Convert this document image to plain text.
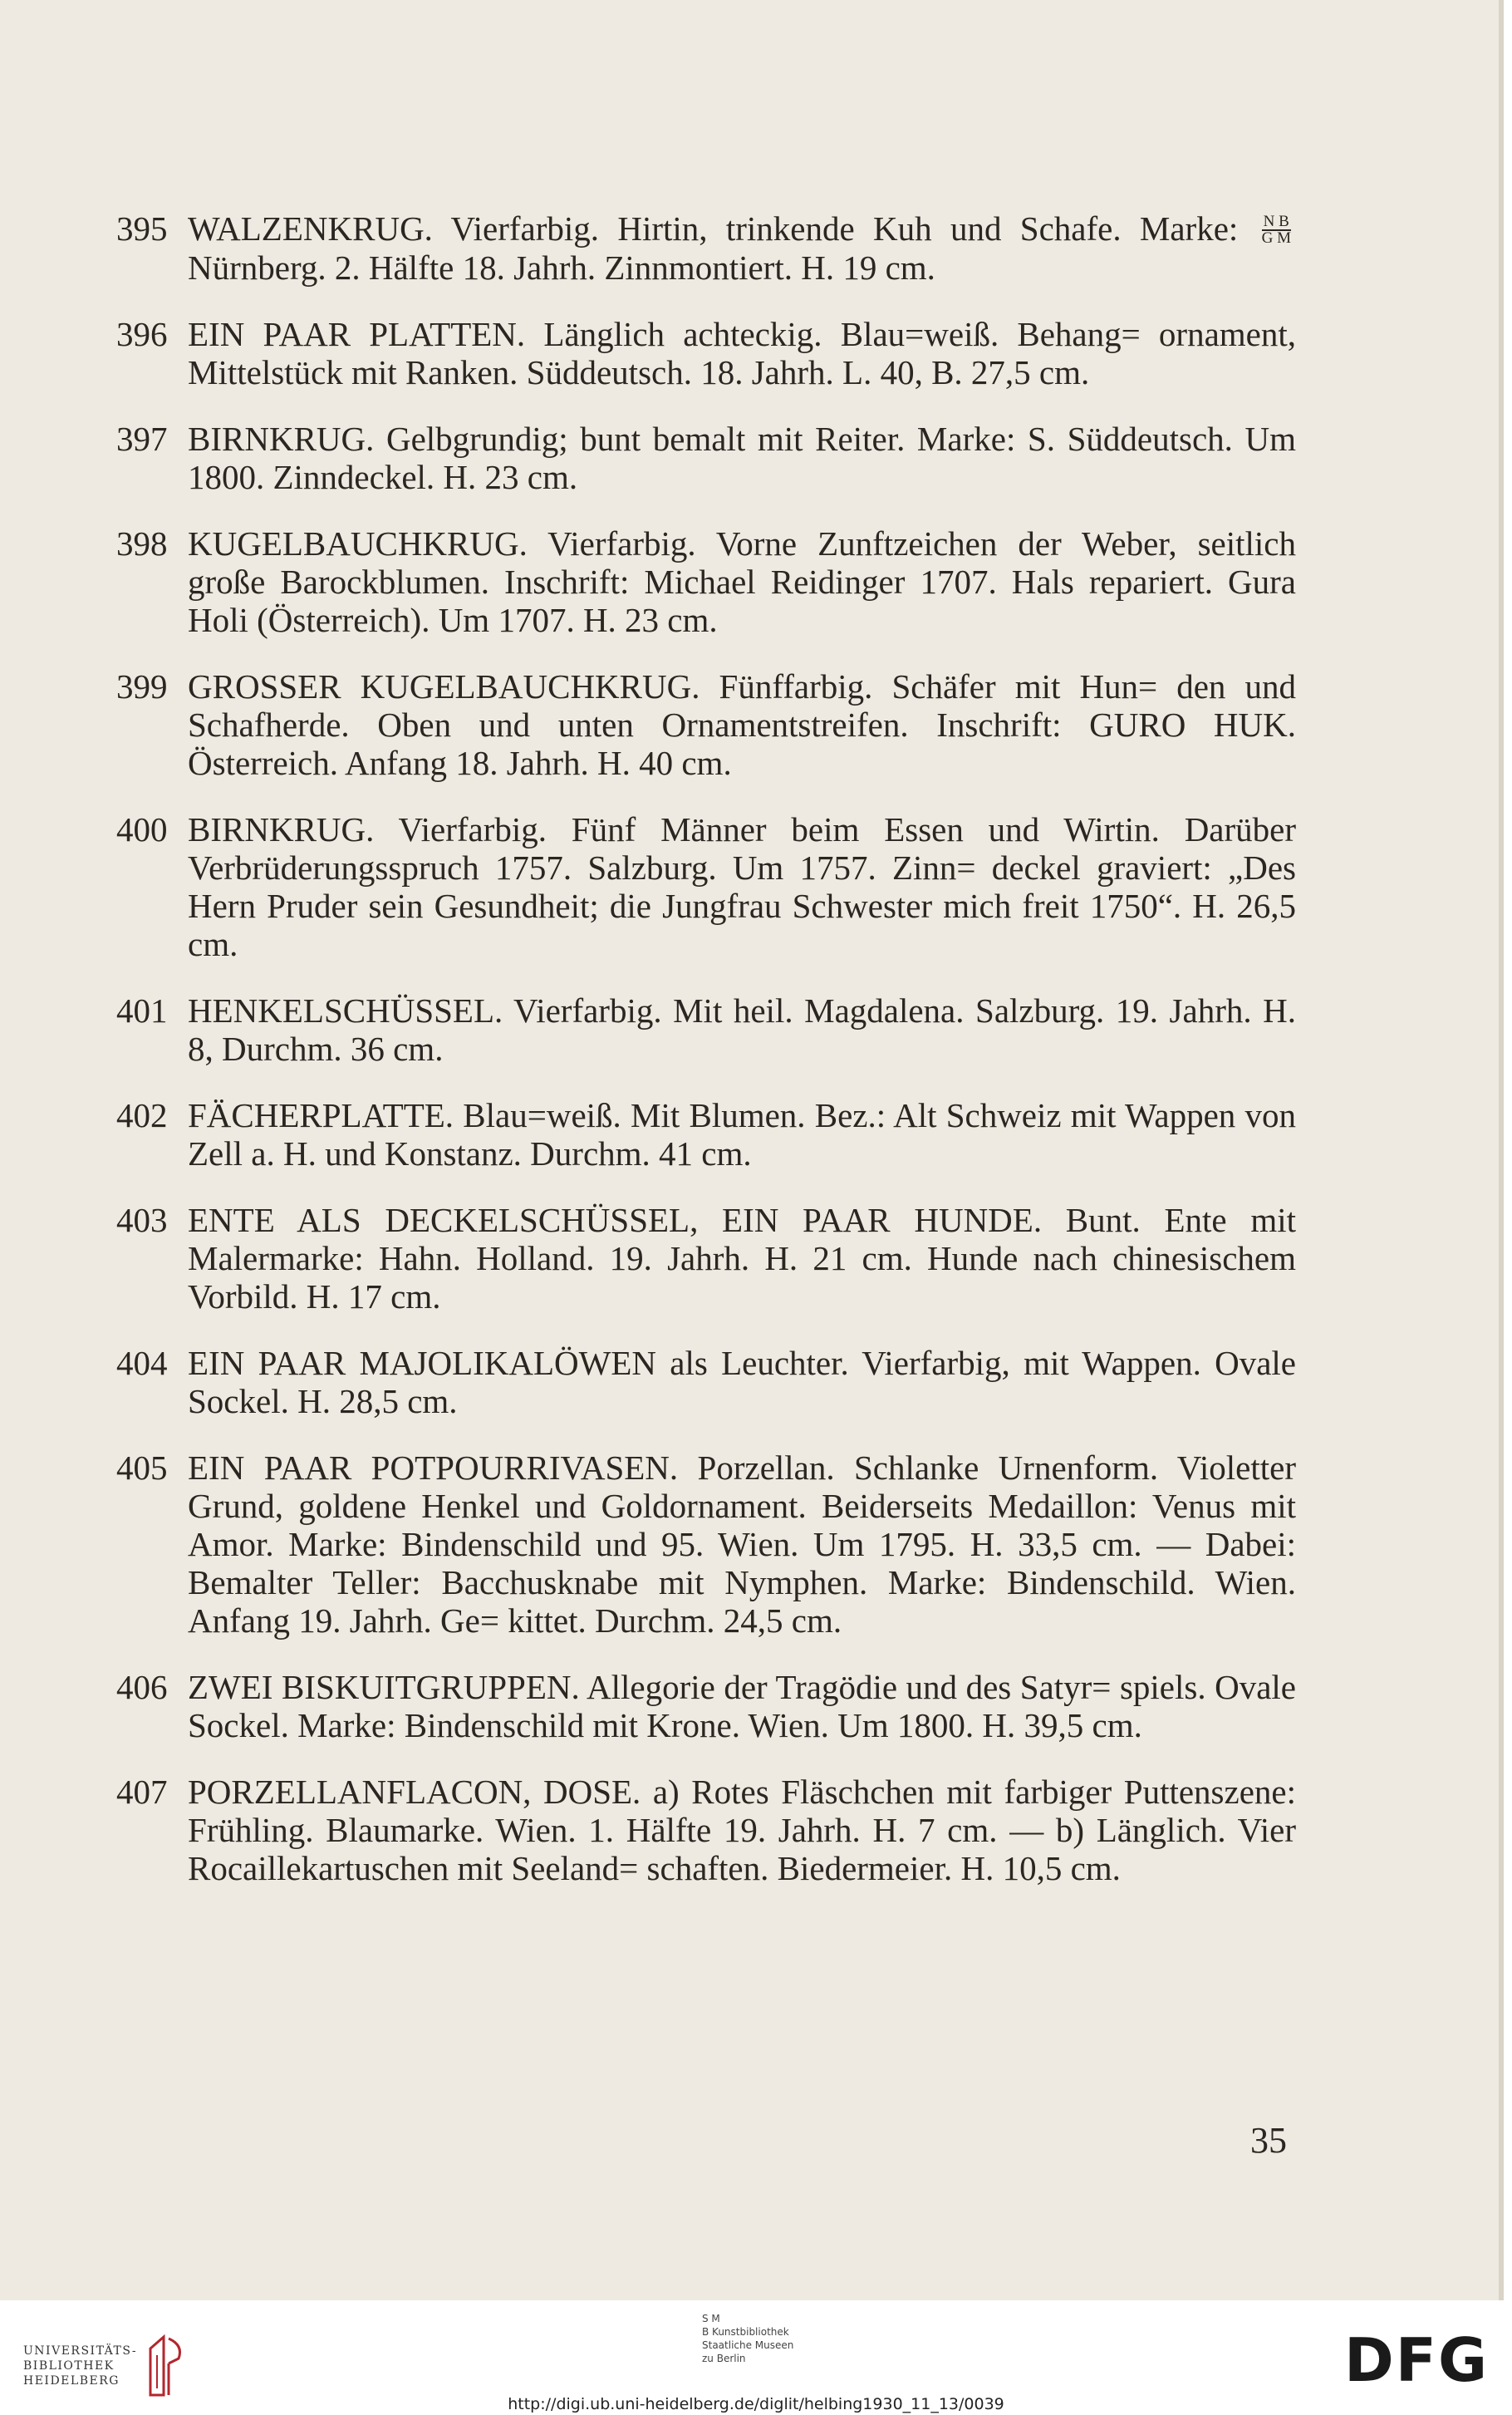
395 WALZENKRUG. Vierfarbig. Hirtin, trinkende Kuh und Schafe. Marke: $\frac{\text{N B}}{\text{G M}}$
Nürnberg. 2. Hälfte 18. Jahrh. Zinnmontiert. H. 19 cm.
396 EIN PAAR PLATTEN. Länglich achteckig. Blau=weiß. Behang= ornament, Mittelstück mit Ranken. Süddeutsch. 18. Jahrh. L. 40, B. 27,5 cm.
397 BIRNKRUG. Gelbgrundig; bunt bemalt mit Reiter. Marke: S. Süddeutsch. Um 1800. Zinndeckel. H. 23 cm.
398 KUGELBAUCHKRUG. Vierfarbig. Vorne Zunftzeichen der Weber, seitlich große Barockblumen. Inschrift: Michael Reidinger 1707. Hals repariert. Gura Holi (Österreich). Um 1707. H. 23 cm.
399 GROSSER KUGELBAUCHKRUG. Fünffarbig. Schäfer mit Hun= den und Schafherde. Oben und unten Ornamentstreifen. Inschrift: GURO HUK. Österreich. Anfang 18. Jahrh. H. 40 cm.
400 BIRNKRUG. Vierfarbig. Fünf Männer beim Essen und Wirtin. Darüber Verbrüderungsspruch 1757. Salzburg. Um 1757. Zinn= deckel graviert: „Des Hern Pruder sein Gesundheit; die Jungfrau Schwester mich freit 1750“. H. 26,5 cm.
401 HENKELSCHÜSSEL. Vierfarbig. Mit heil. Magdalena. Salzburg. 19. Jahrh. H. 8, Durchm. 36 cm.
402 FÄCHERPLATTE. Blau=weiß. Mit Blumen. Bez.: Alt Schweiz mit Wappen von Zell a. H. und Konstanz. Durchm. 41 cm.
403 ENTE ALS DECKELSCHÜSSEL, EIN PAAR HUNDE. Bunt. Ente mit Malermarke: Hahn. Holland. 19. Jahrh. H. 21 cm. Hunde nach chinesischem Vorbild. H. 17 cm.
404 EIN PAAR MAJOLIKALÖWEN als Leuchter. Vierfarbig, mit Wappen. Ovale Sockel. H. 28,5 cm.
405 EIN PAAR POTPOURRIVASEN. Porzellan. Schlanke Urnenform. Violetter Grund, goldene Henkel und Goldornament. Beiderseits Medaillon: Venus mit Amor. Marke: Bindenschild und 95. Wien. Um 1795. H. 33,5 cm. — Dabei: Bemalter Teller: Bacchusknabe mit Nymphen. Marke: Bindenschild. Wien. Anfang 19. Jahrh. Ge= kittet. Durchm. 24,5 cm.
406 ZWEI BISKUITGRUPPEN. Allegorie der Tragödie und des Satyr= spiels. Ovale Sockel. Marke: Bindenschild mit Krone. Wien. Um 1800. H. 39,5 cm.
407 PORZELLANFLACON, DOSE. a) Rotes Fläschchen mit farbiger Puttenszene: Frühling. Blaumarke. Wien. 1. Hälfte 19. Jahrh. H. 7 cm. — b) Länglich. Vier Rocaillekartuschen mit Seeland= schaften. Biedermeier. H. 10,5 cm.
35
UNIVERSITÄTS-
BIBLIOTHEK
HEIDELBERG
S M
B Kunstbibliothek
Staatliche Museen
zu Berlin	DFG
http://digi.ub.uni-heidelberg.de/diglit/helbing1930_11_13/0039
